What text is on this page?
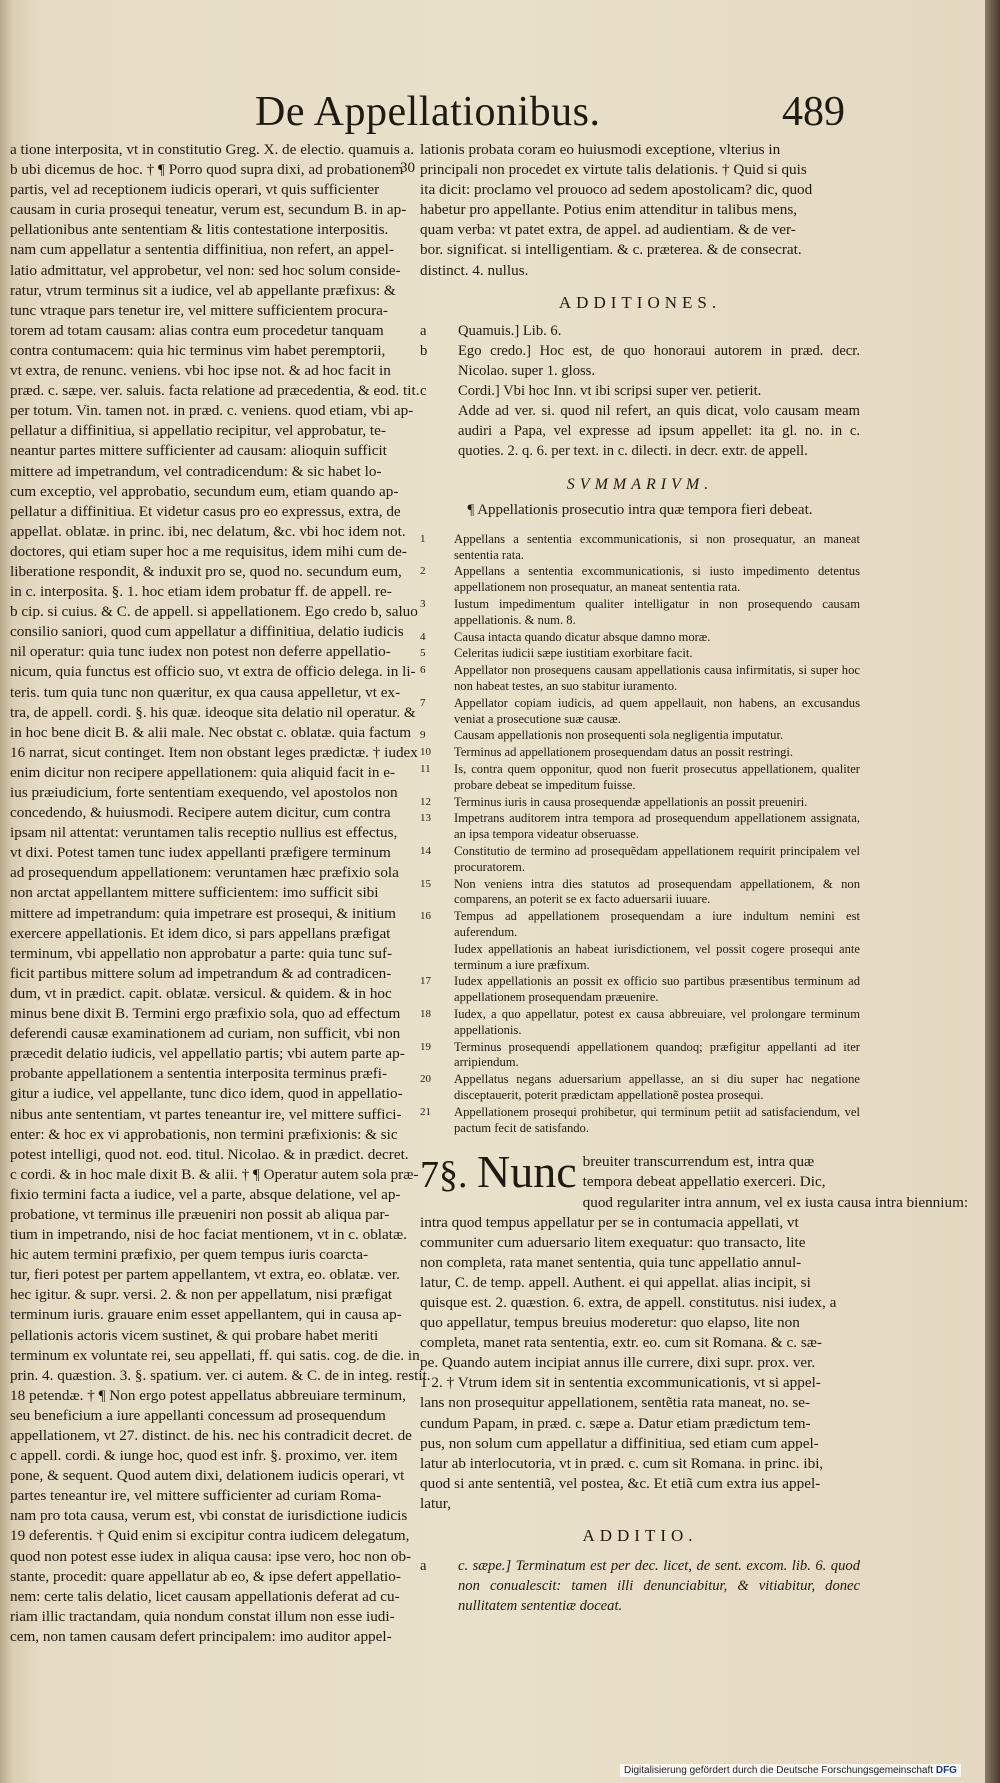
De Appellationibus.	489
a tione interposita, vt in constitutio Greg. X. de electio. quamuis a.
b ubi dicemus de hoc. † ¶ Porro quod supra dixi, ad probationem
partis, vel ad receptionem iudicis operari, vt quis sufficienter
causam in curia prosequi teneatur, verum est, secundum B. in ap-
pellationibus ante sententiam & litis contestatione interpositis.
nam cum appellatur a sententia diffinitiua, non refert, an appel-
latio admittatur, vel approbetur, vel non: sed hoc solum conside-
ratur, vtrum terminus sit a iudice, vel ab appellante præfixus: &
tunc vtraque pars tenetur ire, vel mittere sufficientem procura-
torem ad totam causam: alias contra eum procedetur tanquam
contra contumacem: quia hic terminus vim habet peremptorii,
vt extra, de renunc. veniens. vbi hoc ipse not. & ad hoc facit in
præd. c. sæpe. ver. saluis. facta relatione ad præcedentia, & eod. tit.
per totum. Vin. tamen not. in præd. c. veniens. quod etiam, vbi ap-
pellatur a diffinitiua, si appellatio recipitur, vel approbatur, te-
neantur partes mittere sufficienter ad causam: alioquin sufficit
mittere ad impetrandum, vel contradicendum: & sic habet lo-
cum exceptio, vel approbatio, secundum eum, etiam quando ap-
pellatur a diffinitiua. Et videtur casus pro eo expressus, extra, de
appellat. oblatæ. in princ. ibi, nec delatum, &c. vbi hoc idem not.
doctores, qui etiam super hoc a me requisitus, idem mihi cum de-
liberatione respondit, & induxit pro se, quod no. secundum eum,
in c. interposita. §. 1. hoc etiam idem probatur ff. de appell. re-
b cip. si cuius. & C. de appell. si appellationem. Ego credo b, saluo
consilio saniori, quod cum appellatur a diffinitiua, delatio iudicis
nil operatur: quia tunc iudex non potest non deferre appellatio-
nicum, quia functus est officio suo, vt extra de officio delega. in li-
teris. tum quia tunc non quæritur, ex qua causa appelletur, vt ex-
tra, de appell. cordi. §. his quæ. ideoque sita delatio nil operatur. &
in hoc bene dicit B. & alii male. Nec obstat c. oblatæ. quia factum
16 narrat, sicut continget. Item non obstant leges prædictæ. † iudex
enim dicitur non recipere appellationem: quia aliquid facit in e-
ius præiudicium, forte sententiam exequendo, vel apostolos non
concedendo, & huiusmodi. Recipere autem dicitur, cum contra
ipsam nil attentat: veruntamen talis receptio nullius est effectus,
vt dixi. Potest tamen tunc iudex appellanti præfigere terminum
ad prosequendum appellationem: veruntamen hæc præfixio sola
non arctat appellantem mittere sufficientem: imo sufficit sibi
mittere ad impetrandum: quia impetrare est prosequi, & initium
exercere appellationis. Et idem dico, si pars appellans præfigat
terminum, vbi appellatio non approbatur a parte: quia tunc suf-
ficit partibus mittere solum ad impetrandum & ad contradicen-
dum, vt in prædict. capit. oblatæ. versicul. & quidem. & in hoc
minus bene dixit B. Termini ergo præfixio sola, quo ad effectum
deferendi causæ examinationem ad curiam, non sufficit, vbi non
præcedit delatio iudicis, vel appellatio partis; vbi autem parte ap-
probante appellationem a sententia interposita terminus præfi-
gitur a iudice, vel appellante, tunc dico idem, quod in appellatio-
nibus ante sententiam, vt partes teneantur ire, vel mittere suffici-
enter: & hoc ex vi approbationis, non termini præfixionis: & sic
potest intelligi, quod not. eod. titul. Nicolao. & in prædict. decret.
c cordi. & in hoc male dixit B. & alii. † ¶ Operatur autem sola præ-
fixio termini facta a iudice, vel a parte, absque delatione, vel ap-
probatione, vt terminus ille præueniri non possit ab aliqua par-
tium in impetrando, nisi de hoc faciat mentionem, vt in c. oblatæ.
hic autem termini præfixio, per quem tempus iuris coarcta-
tur, fieri potest per partem appellantem, vt extra, eo. oblatæ. ver.
hec igitur. & supr. versi. 2. & non per appellatum, nisi præfigat
terminum iuris. grauare enim esset appellantem, qui in causa ap-
pellationis actoris vicem sustinet, & qui probare habet meriti
terminum ex voluntate rei, seu appellati, ff. qui satis. cog. de die. in
prin. 4. quæstion. 3. §. spatium. ver. ci autem. & C. de in integ. restit.
18 petendæ. † ¶ Non ergo potest appellatus abbreuiare terminum,
seu beneficium a iure appellanti concessum ad prosequendum
appellationem, vt 27. distinct. de his. nec his contradicit decret. de
c appell. cordi. & iunge hoc, quod est infr. §. proximo, ver. item
pone, & sequent. Quod autem dixi, delationem iudicis operari, vt
partes teneantur ire, vel mittere sufficienter ad curiam Roma-
nam pro tota causa, verum est, vbi constat de iurisdictione iudicis
19 deferentis. † Quid enim si excipitur contra iudicem delegatum,
quod non potest esse iudex in aliqua causa: ipse vero, hoc non ob-
stante, procedit: quare appellatur ab eo, & ipse defert appellatio-
nem: certe talis delatio, licet causam appellationis deferat ad cu-
riam illic tractandam, quia nondum constat illum non esse iudi-
cem, non tamen causam defert principalem: imo auditor appel-
30
lationis probata coram eo huiusmodi exceptione, vlterius in
principali non procedet ex virtute talis delationis. † Quid si quis
ita dicit: proclamo vel prouoco ad sedem apostolicam? dic, quod
habetur pro appellante. Potius enim attenditur in talibus mens,
quam verba: vt patet extra, de appel. ad audientiam. & de ver-
bor. significat. si intelligentiam. & c. præterea. & de consecrat.
distinct. 4. nullus.
ADDITIONES.
a Quamuis.] Lib. 6.
b Ego credo.] Hoc est, de quo honoraui autorem in præd. decr. Nicolao. super 1. gloss.
c Cordi.] Vbi hoc Inn. vt ibi scripsi super ver. petierit.
Adde ad ver. si. quod nil refert, an quis dicat, volo causam meam audiri a Papa, vel expresse ad ipsum appellet: ita gl. no. in c. quoties. 2. q. 6. per text. in c. dilecti. in decr. extr. de appell.
SVMMARIVM.
¶ Appellationis prosecutio intra quæ tempora fieri debeat.
1 Appellans a sententia excommunicationis, si non prosequatur, an maneat sententia rata.
2 Appellans a sententia excommunicationis, si iusto impedimento detentus appellationem non prosequatur, an maneat sententia rata.
3 Iustum impedimentum qualiter intelligatur in non prosequendo causam appellationis. & num. 8.
4 Causa intacta quando dicatur absque damno moræ.
5 Celeritas iudicii sæpe iustitiam exorbitare facit.
6 Appellator non prosequens causam appellationis causa infirmitatis, si super hoc non habeat testes, an suo stabitur iuramento.
7 Appellator copiam iudicis, ad quem appellauit, non habens, an excusandus veniat a prosecutione suæ causæ.
9 Causam appellationis non prosequenti sola negligentia imputatur.
10 Terminus ad appellationem prosequendam datus an possit restringi.
11 Is, contra quem opponitur, quod non fuerit prosecutus appellationem, qualiter probare debeat se impeditum fuisse.
12 Terminus iuris in causa prosequendæ appellationis an possit preueniri.
13 Impetrans auditorem intra tempora ad prosequendum appellationem assignata, an ipsa tempora videatur obseruasse.
14 Constitutio de termino ad prosequẽdam appellationem requirit principalem vel procuratorem.
15 Non veniens intra dies statutos ad prosequendam appellationem, & non comparens, an poterit se ex facto aduersarii iuuare.
16 Tempus ad appellationem prosequendam a iure indultum nemini est auferendum.
Iudex appellationis an habeat iurisdictionem, vel possit cogere prosequi ante terminum a iure præfixum.
17 Iudex appellationis an possit ex officio suo partibus præsentibus terminum ad appellationem prosequendam præuenire.
18 Iudex, a quo appellatur, potest ex causa abbreuiare, vel prolongare terminum appellationis.
19 Terminus prosequendi appellationem quandoq; præfigitur appellanti ad iter arripiendum.
20 Appellatus negans aduersarium appellasse, an si diu super hac negatione disceptauerit, poterit prædictam appellationẽ postea prosequi.
21 Appellationem prosequi prohibetur, qui terminum petiit ad satisfaciendum, vel pactum fecit de satisfando.
7§. Nunc breuiter transcurrendum est, intra quæ
tempora debeat appellatio exerceri. Dic,
quod regulariter intra annum, vel ex iusta causa intra biennium:
intra quod tempus appellatur per se in contumacia appellati, vt
communiter cum aduersario litem exequatur: quo transacto, lite
non completa, rata manet sententia, quia tunc appellatio annul-
latur, C. de temp. appell. Authent. ei qui appellat. alias incipit, si
quisque est. 2. quæstion. 6. extra, de appell. constitutus. nisi iudex, a
quo appellatur, tempus breuius moderetur: quo elapso, lite non
completa, manet rata sententia, extr. eo. cum sit Romana. & c. sæ-
pe. Quando autem incipiat annus ille currere, dixi supr. prox. ver.
1 2. † Vtrum idem sit in sententia excommunicationis, vt si appel-
lans non prosequitur appellationem, sentẽtia rata maneat, no. se-
cundum Papam, in præd. c. sæpe a. Datur etiam prædictum tem-
pus, non solum cum appellatur a diffinitiua, sed etiam cum appel-
latur ab interlocutoria, vt in præd. c. cum sit Romana. in princ. ibi,
quod si ante sententiã, vel postea, &c. Et etiã cum extra ius appel-
latur,
ADDITIO.
a c. sæpe.] Terminatum est per dec. licet, de sent. excom. lib. 6. quod non conualescit: tamen illi denunciabitur, & vitiabitur, donec nullitatem sententiæ doceat.
Digitalisierung gefördert durch die Deutsche Forschungsgemeinschaft DFG
